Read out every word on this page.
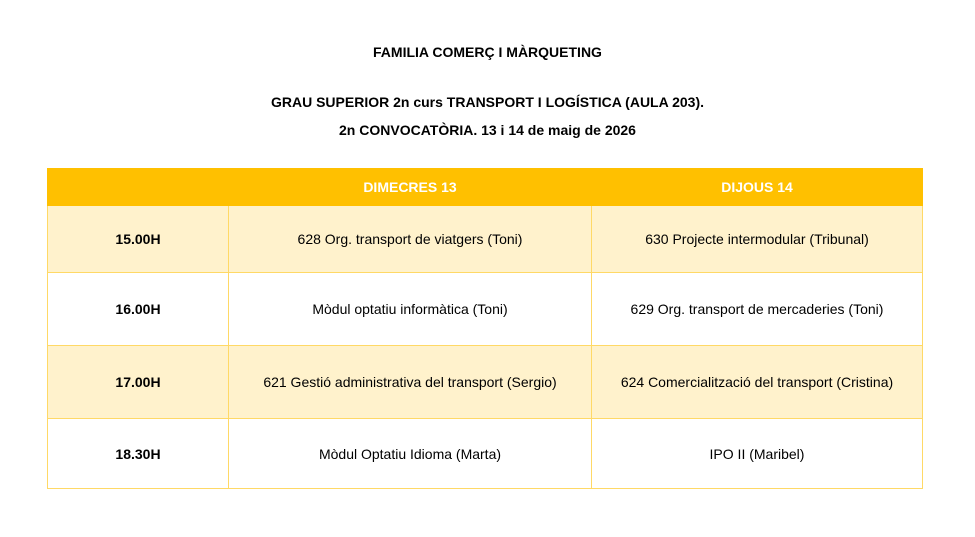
FAMILIA COMERÇ I MÀRQUETING
GRAU SUPERIOR 2n curs TRANSPORT I LOGÍSTICA (AULA 203).
2n CONVOCATÒRIA. 13 i 14 de maig de 2026
	DIMECRES 13	DIJOUS 14
15.00H	628 Org. transport de viatgers (Toni)	630 Projecte intermodular (Tribunal)
16.00H	Mòdul optatiu informàtica (Toni)	629 Org. transport de mercaderies (Toni)
17.00H	621 Gestió administrativa del transport (Sergio)	624 Comercialització del transport (Cristina)
18.30H	Mòdul Optatiu Idioma (Marta)	IPO II (Maribel)
